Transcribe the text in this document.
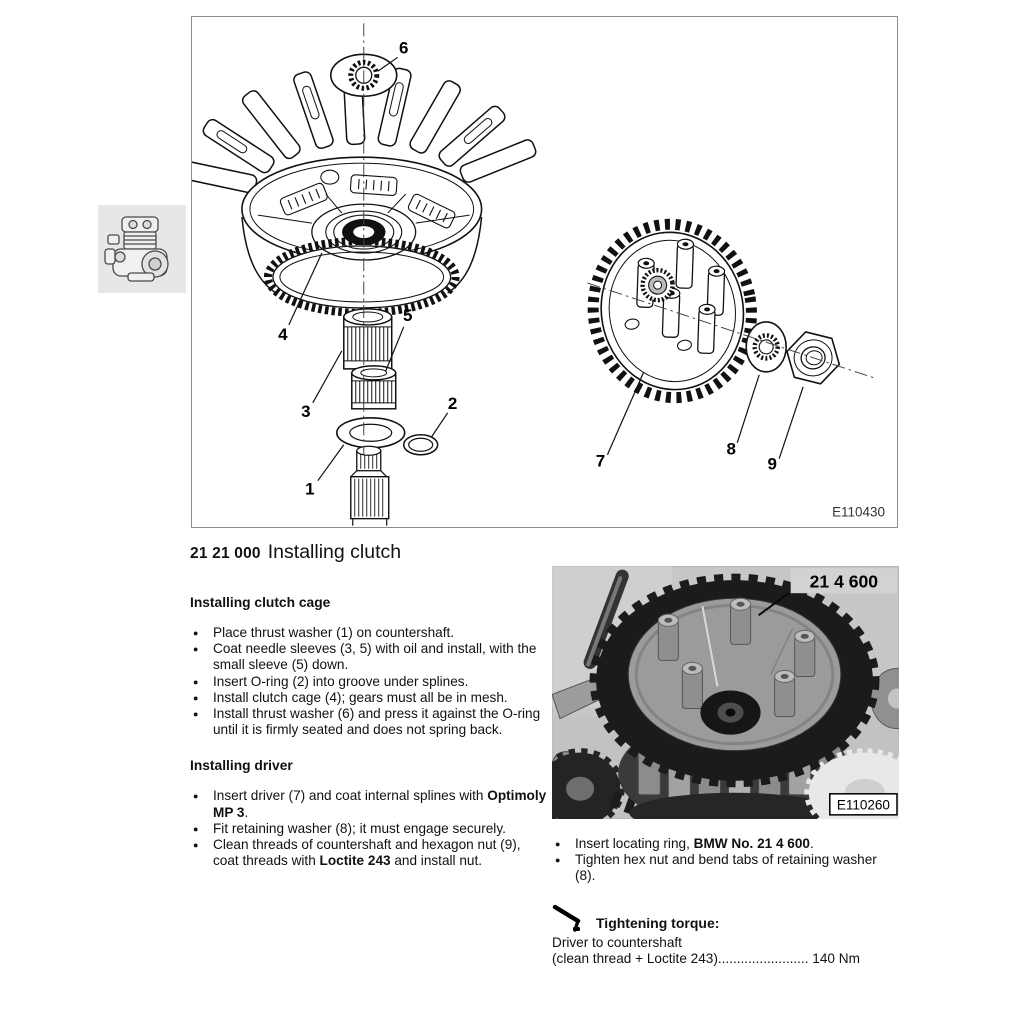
1
2
3
4
5
6
7
8
9
E110430
21 21 000 Installing clutch
Installing clutch cage
● Place thrust washer (1) on countershaft.
● Coat needle sleeves (3, 5) with oil and install, with the small sleeve (5) down.
● Insert O-ring (2) into groove under splines.
● Install clutch cage (4); gears must all be in mesh.
● Install thrust washer (6) and press it against the O-ring until it is firmly seated and does not spring back.
Installing driver
● Insert driver (7) and coat internal splines with Optimoly MP 3.
● Fit retaining washer (8); it must engage securely.
● Clean threads of countershaft and hexagon nut (9), coat threads with Loctite 243 and install nut.
21 4 600
E110260
● Insert locating ring, BMW No. 21 4 600.
● Tighten hex nut and bend tabs of retaining washer (8).
Tightening torque:
Driver to countershaft
(clean thread + Loctite 243)........................ 140 Nm
